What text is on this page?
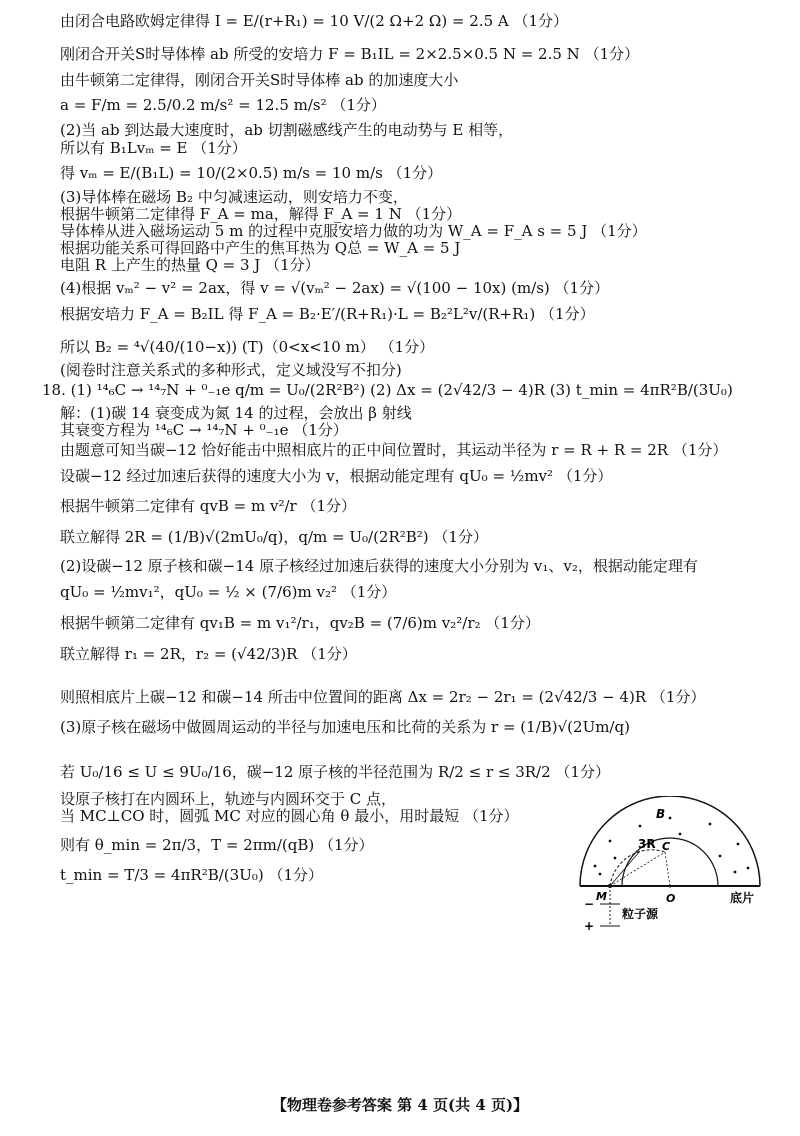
由闭合电路欧姆定律得 I = E/(r+R₁) = 10 V/(2 Ω+2 Ω) = 2.5 A （1分）
刚闭合开关S时导体棒 ab 所受的安培力 F = B₁IL = 2×2.5×0.5 N = 2.5 N （1分）
由牛顿第二定律得，刚闭合开关S时导体棒 ab 的加速度大小
a = F/m = 2.5/0.2 m/s² = 12.5 m/s² （1分）
(2)当 ab 到达最大速度时，ab 切割磁感线产生的电动势与 E 相等，
所以有 B₁Lvₘ = E （1分）
得 vₘ = E/(B₁L) = 10/(2×0.5) m/s = 10 m/s （1分）
(3)导体棒在磁场 B₂ 中匀减速运动，则安培力不变，
根据牛顿第二定律得 F_A = ma，解得 F_A = 1 N （1分）
导体棒从进入磁场运动 5 m 的过程中克服安培力做的功为 W_A = F_A s = 5 J （1分）
根据功能关系可得回路中产生的焦耳热为 Q总 = W_A = 5 J
电阻 R 上产生的热量 Q = 3 J （1分）
(4)根据 vₘ² − v² = 2ax，得 v = √(vₘ² − 2ax) = √(100 − 10x) (m/s) （1分）
根据安培力 F_A = B₂IL 得 F_A = B₂·E′/(R+R₁)·L = B₂²L²v/(R+R₁) （1分）
所以 B₂ = ⁴√(40/(10−x)) (T)（0<x<10 m） （1分）
(阅卷时注意关系式的多种形式，定义域没写不扣分)
18. (1) ¹⁴₆C → ¹⁴₇N + ⁰₋₁e q/m = U₀/(2R²B²) (2) Δx = (2√42/3 − 4)R (3) t_min = 4πR²B/(3U₀)
解：(1)碳 14 衰变成为氮 14 的过程，会放出 β 射线
其衰变方程为 ¹⁴₆C → ¹⁴₇N + ⁰₋₁e （1分）
由题意可知当碳−12 恰好能击中照相底片的正中间位置时，其运动半径为 r = R + R = 2R （1分）
设碳−12 经过加速后获得的速度大小为 v，根据动能定理有 qU₀ = ½mv² （1分）
根据牛顿第二定律有 qvB = m v²/r （1分）
联立解得 2R = (1/B)√(2mU₀/q)，q/m = U₀/(2R²B²) （1分）
(2)设碳−12 原子核和碳−14 原子核经过加速后获得的速度大小分别为 v₁、v₂，根据动能定理有
qU₀ = ½mv₁²，qU₀ = ½ × (7/6)m v₂² （1分）
根据牛顿第二定律有 qv₁B = m v₁²/r₁，qv₂B = (7/6)m v₂²/r₂ （1分）
联立解得 r₁ = 2R，r₂ = (√42/3)R （1分）
则照相底片上碳−12 和碳−14 所击中位置间的距离 Δx = 2r₂ − 2r₁ = (2√42/3 − 4)R （1分）
(3)原子核在磁场中做圆周运动的半径与加速电压和比荷的关系为 r = (1/B)√(2Um/q)
若 U₀/16 ≤ U ≤ 9U₀/16，碳−12 原子核的半径范围为 R/2 ≤ r ≤ 3R/2 （1分）
设原子核打在内圆环上，轨迹与内圆环交于 C 点，
当 MC⊥CO 时，圆弧 MC 对应的圆心角 θ 最小，用时最短 （1分）
则有 θ_min = 2π/3，T = 2πm/(qB) （1分）
t_min = T/3 = 4πR²B/(3U₀) （1分）
B
3R C
M	O	底片
粒子源
+
−
【物理卷参考答案 第 4 页(共 4 页)】
